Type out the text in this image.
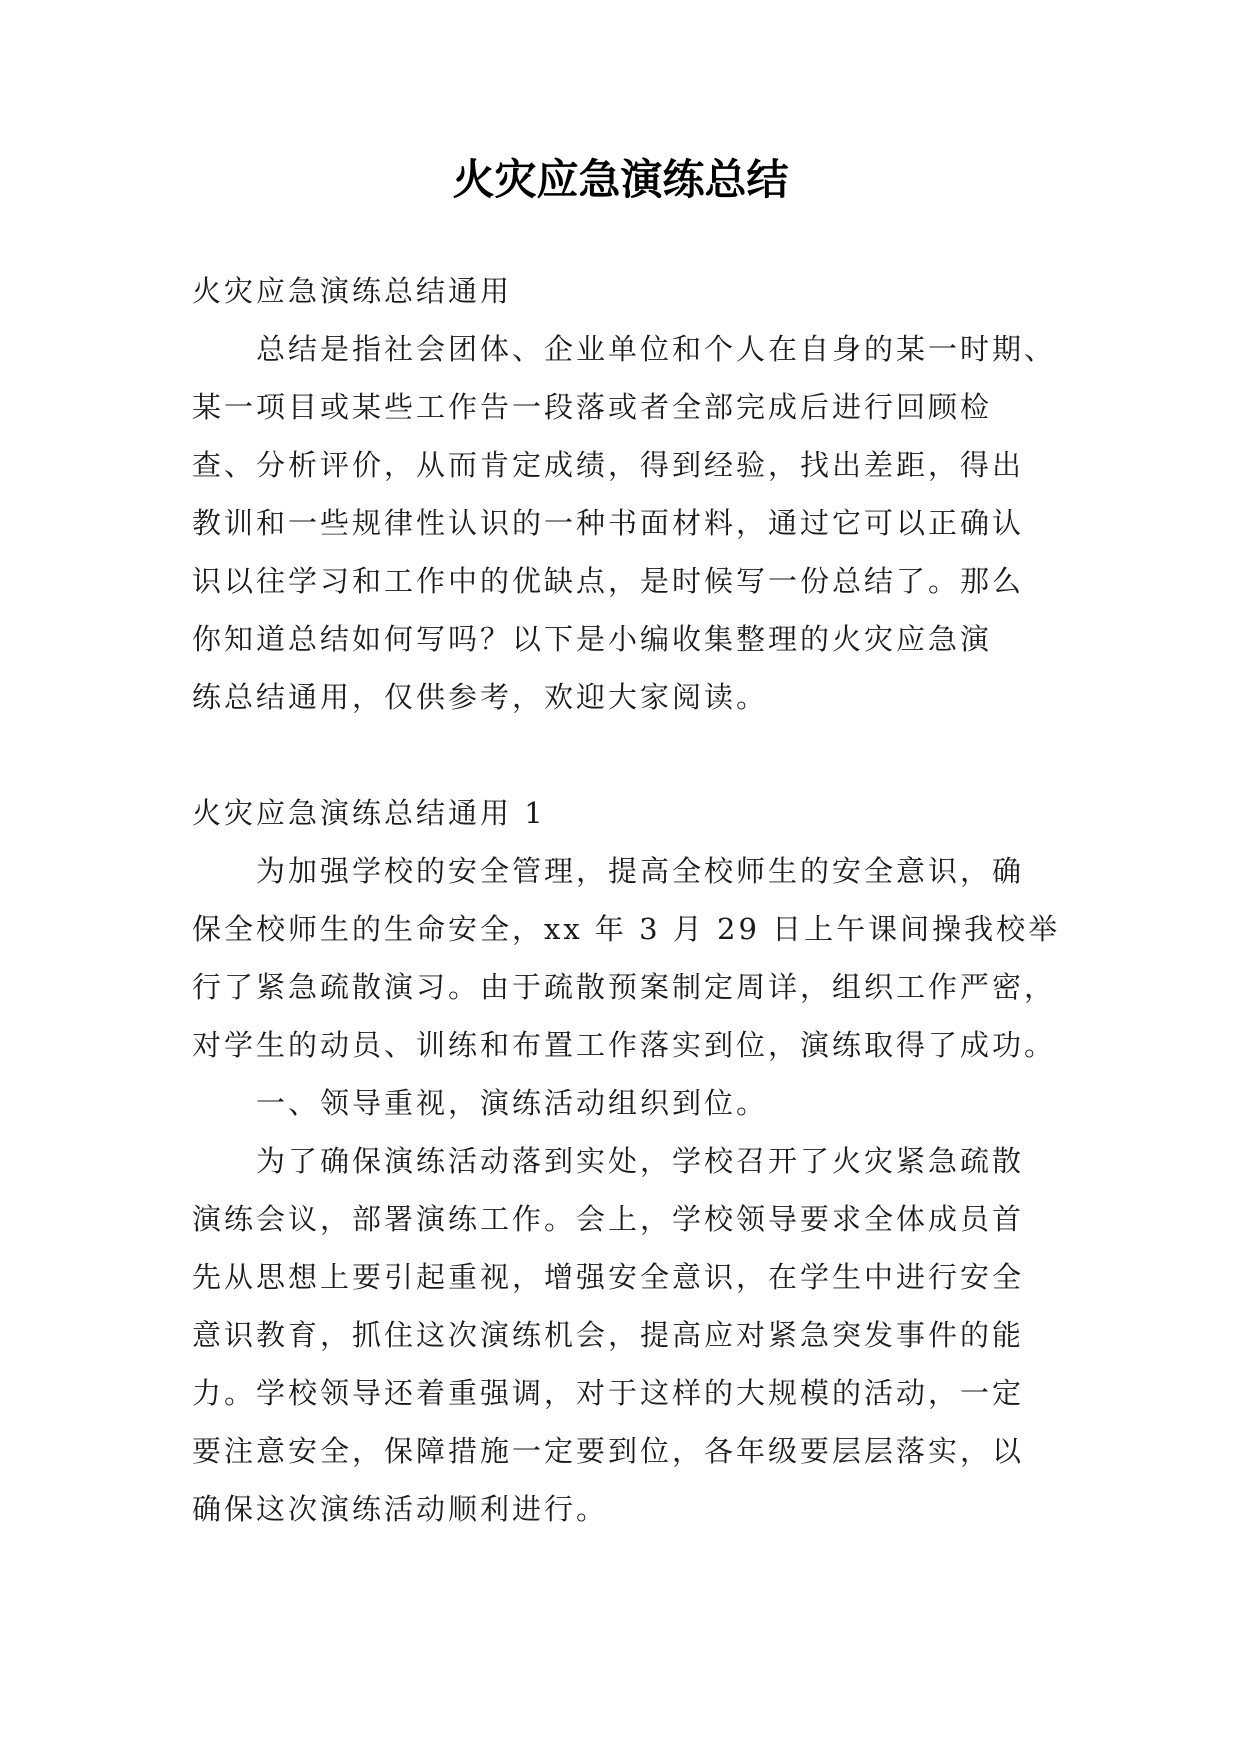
火灾应急演练总结

火灾应急演练总结通用

总结是指社会团体、企业单位和个人在自身的某一时期、

某一项目或某些工作告一段落或者全部完成后进行回顾检

查、分析评价，从而肯定成绩，得到经验，找出差距，得出

教训和一些规律性认识的一种书面材料，通过它可以正确认

识以往学习和工作中的优缺点，是时候写一份总结了。那么

你知道总结如何写吗？以下是小编收集整理的火灾应急演

练总结通用，仅供参考，欢迎大家阅读。

火灾应急演练总结通用 1

为加强学校的安全管理，提高全校师生的安全意识，确

保全校师生的生命安全，xx 年 3 月 29 日上午课间操我校举

行了紧急疏散演习。由于疏散预案制定周详，组织工作严密，

对学生的动员、训练和布置工作落实到位，演练取得了成功。

一、领导重视，演练活动组织到位。

为了确保演练活动落到实处，学校召开了火灾紧急疏散

演练会议，部署演练工作。会上，学校领导要求全体成员首

先从思想上要引起重视，增强安全意识，在学生中进行安全

意识教育，抓住这次演练机会，提高应对紧急突发事件的能

力。学校领导还着重强调，对于这样的大规模的活动，一定

要注意安全，保障措施一定要到位，各年级要层层落实，以

确保这次演练活动顺利进行。
